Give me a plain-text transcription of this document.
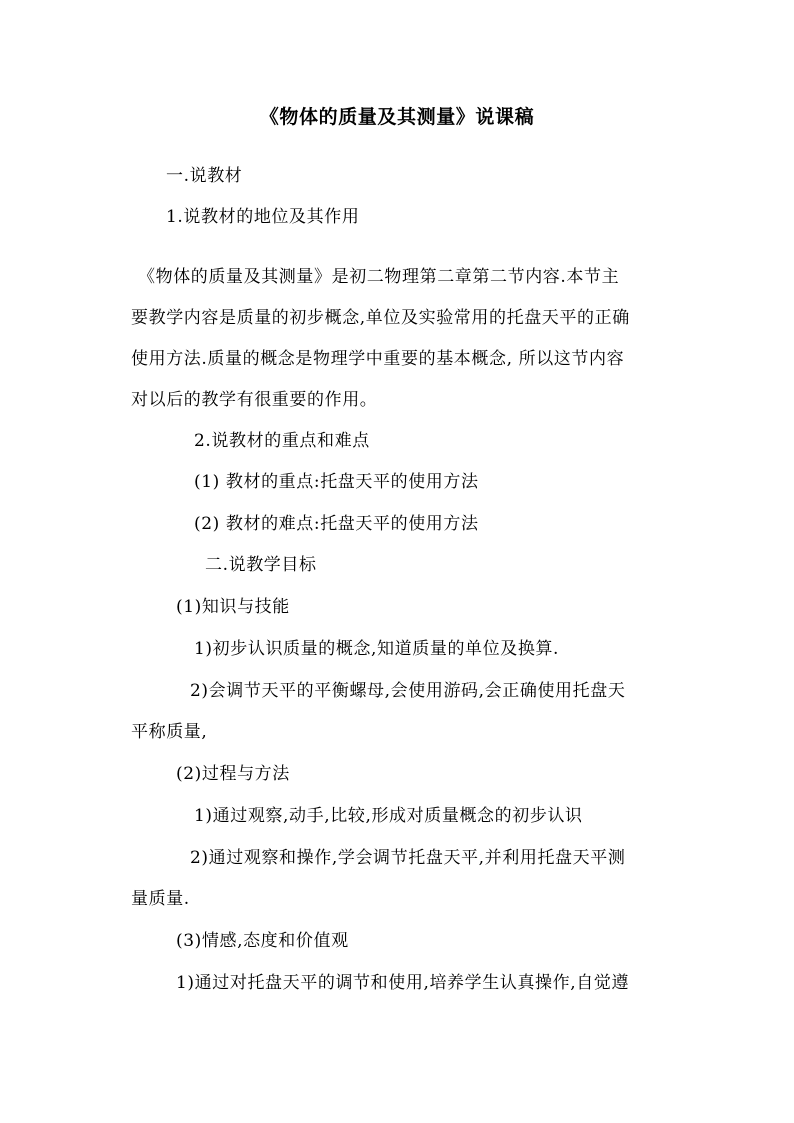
《物体的质量及其测量》说课稿
一.说教材
1.说教材的地位及其作用
《物体的质量及其测量》是初二物理第二章第二节内容.本节主
要教学内容是质量的初步概念,单位及实验常用的托盘天平的正确
使用方法.质量的概念是物理学中重要的基本概念, 所以这节内容
对以后的教学有很重要的作用。
2.说教材的重点和难点
(1) 教材的重点:托盘天平的使用方法
(2) 教材的难点:托盘天平的使用方法
二.说教学目标
(1)知识与技能
1)初步认识质量的概念,知道质量的单位及换算.
2)会调节天平的平衡螺母,会使用游码,会正确使用托盘天
平称质量,
(2)过程与方法
1)通过观察,动手,比较,形成对质量概念的初步认识
2)通过观察和操作,学会调节托盘天平,并利用托盘天平测
量质量.
(3)情感,态度和价值观
1)通过对托盘天平的调节和使用,培养学生认真操作,自觉遵
